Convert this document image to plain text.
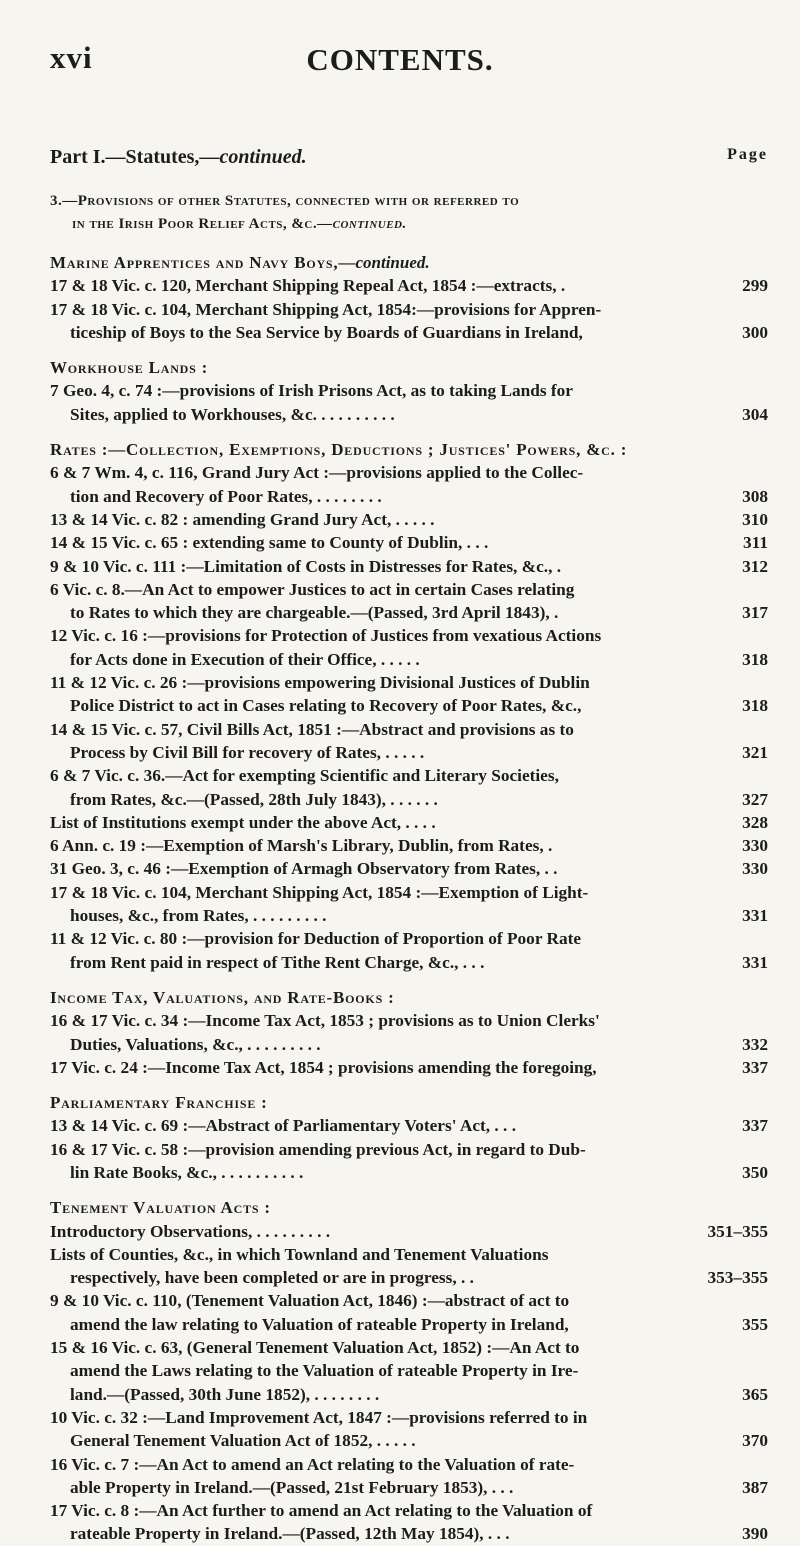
xvi	CONTENTS.
Part I.—Statutes,—continued.	Page
3.—Provisions of other Statutes, connected with or referred to
in the Irish Poor Relief Acts, &c.—continued.
Marine Apprentices and Navy Boys,—continued.
17 & 18 Vic. c. 120, Merchant Shipping Repeal Act, 1854 :—extracts, .	299
17 & 18 Vic. c. 104, Merchant Shipping Act, 1854:—provisions for Appren-
ticeship of Boys to the Sea Service by Boards of Guardians in Ireland,	300
Workhouse Lands :
7 Geo. 4, c. 74 :—provisions of Irish Prisons Act, as to taking Lands for
Sites, applied to Workhouses, &c. . . . . . . . . .	304
Rates :—Collection, Exemptions, Deductions ; Justices' Powers, &c. :
6 & 7 Wm. 4, c. 116, Grand Jury Act :—provisions applied to the Collec-
tion and Recovery of Poor Rates, . . . . . . . .	308
13 & 14 Vic. c. 82 : amending Grand Jury Act, . . . . .	310
14 & 15 Vic. c. 65 : extending same to County of Dublin, . . .	311
9 & 10 Vic. c. 111 :—Limitation of Costs in Distresses for Rates, &c., .	312
6 Vic. c. 8.—An Act to empower Justices to act in certain Cases relating
to Rates to which they are chargeable.—(Passed, 3rd April 1843), .	317
12 Vic. c. 16 :—provisions for Protection of Justices from vexatious Actions
for Acts done in Execution of their Office, . . . . .	318
11 & 12 Vic. c. 26 :—provisions empowering Divisional Justices of Dublin
Police District to act in Cases relating to Recovery of Poor Rates, &c.,	318
14 & 15 Vic. c. 57, Civil Bills Act, 1851 :—Abstract and provisions as to
Process by Civil Bill for recovery of Rates, . . . . .	321
6 & 7 Vic. c. 36.—Act for exempting Scientific and Literary Societies,
from Rates, &c.—(Passed, 28th July 1843), . . . . . .	327
List of Institutions exempt under the above Act, . . . .	328
6 Ann. c. 19 :—Exemption of Marsh's Library, Dublin, from Rates, .	330
31 Geo. 3, c. 46 :—Exemption of Armagh Observatory from Rates, . .	330
17 & 18 Vic. c. 104, Merchant Shipping Act, 1854 :—Exemption of Light-
houses, &c., from Rates, . . . . . . . . .	331
11 & 12 Vic. c. 80 :—provision for Deduction of Proportion of Poor Rate
from Rent paid in respect of Tithe Rent Charge, &c., . . .	331
Income Tax, Valuations, and Rate-Books :
16 & 17 Vic. c. 34 :—Income Tax Act, 1853 ; provisions as to Union Clerks'
Duties, Valuations, &c., . . . . . . . . .	332
17 Vic. c. 24 :—Income Tax Act, 1854 ; provisions amending the foregoing,	337
Parliamentary Franchise :
13 & 14 Vic. c. 69 :—Abstract of Parliamentary Voters' Act, . . .	337
16 & 17 Vic. c. 58 :—provision amending previous Act, in regard to Dub-
lin Rate Books, &c., . . . . . . . . . .	350
Tenement Valuation Acts :
Introductory Observations, . . . . . . . . .	351–355
Lists of Counties, &c., in which Townland and Tenement Valuations
respectively, have been completed or are in progress, . .	353–355
9 & 10 Vic. c. 110, (Tenement Valuation Act, 1846) :—abstract of act to
amend the law relating to Valuation of rateable Property in Ireland,	355
15 & 16 Vic. c. 63, (General Tenement Valuation Act, 1852) :—An Act to
amend the Laws relating to the Valuation of rateable Property in Ire-
land.—(Passed, 30th June 1852), . . . . . . . .	365
10 Vic. c. 32 :—Land Improvement Act, 1847 :—provisions referred to in
General Tenement Valuation Act of 1852, . . . . .	370
16 Vic. c. 7 :—An Act to amend an Act relating to the Valuation of rate-
able Property in Ireland.—(Passed, 21st February 1853), . . .	387
17 Vic. c. 8 :—An Act further to amend an Act relating to the Valuation of
rateable Property in Ireland.—(Passed, 12th May 1854), . . .	390
